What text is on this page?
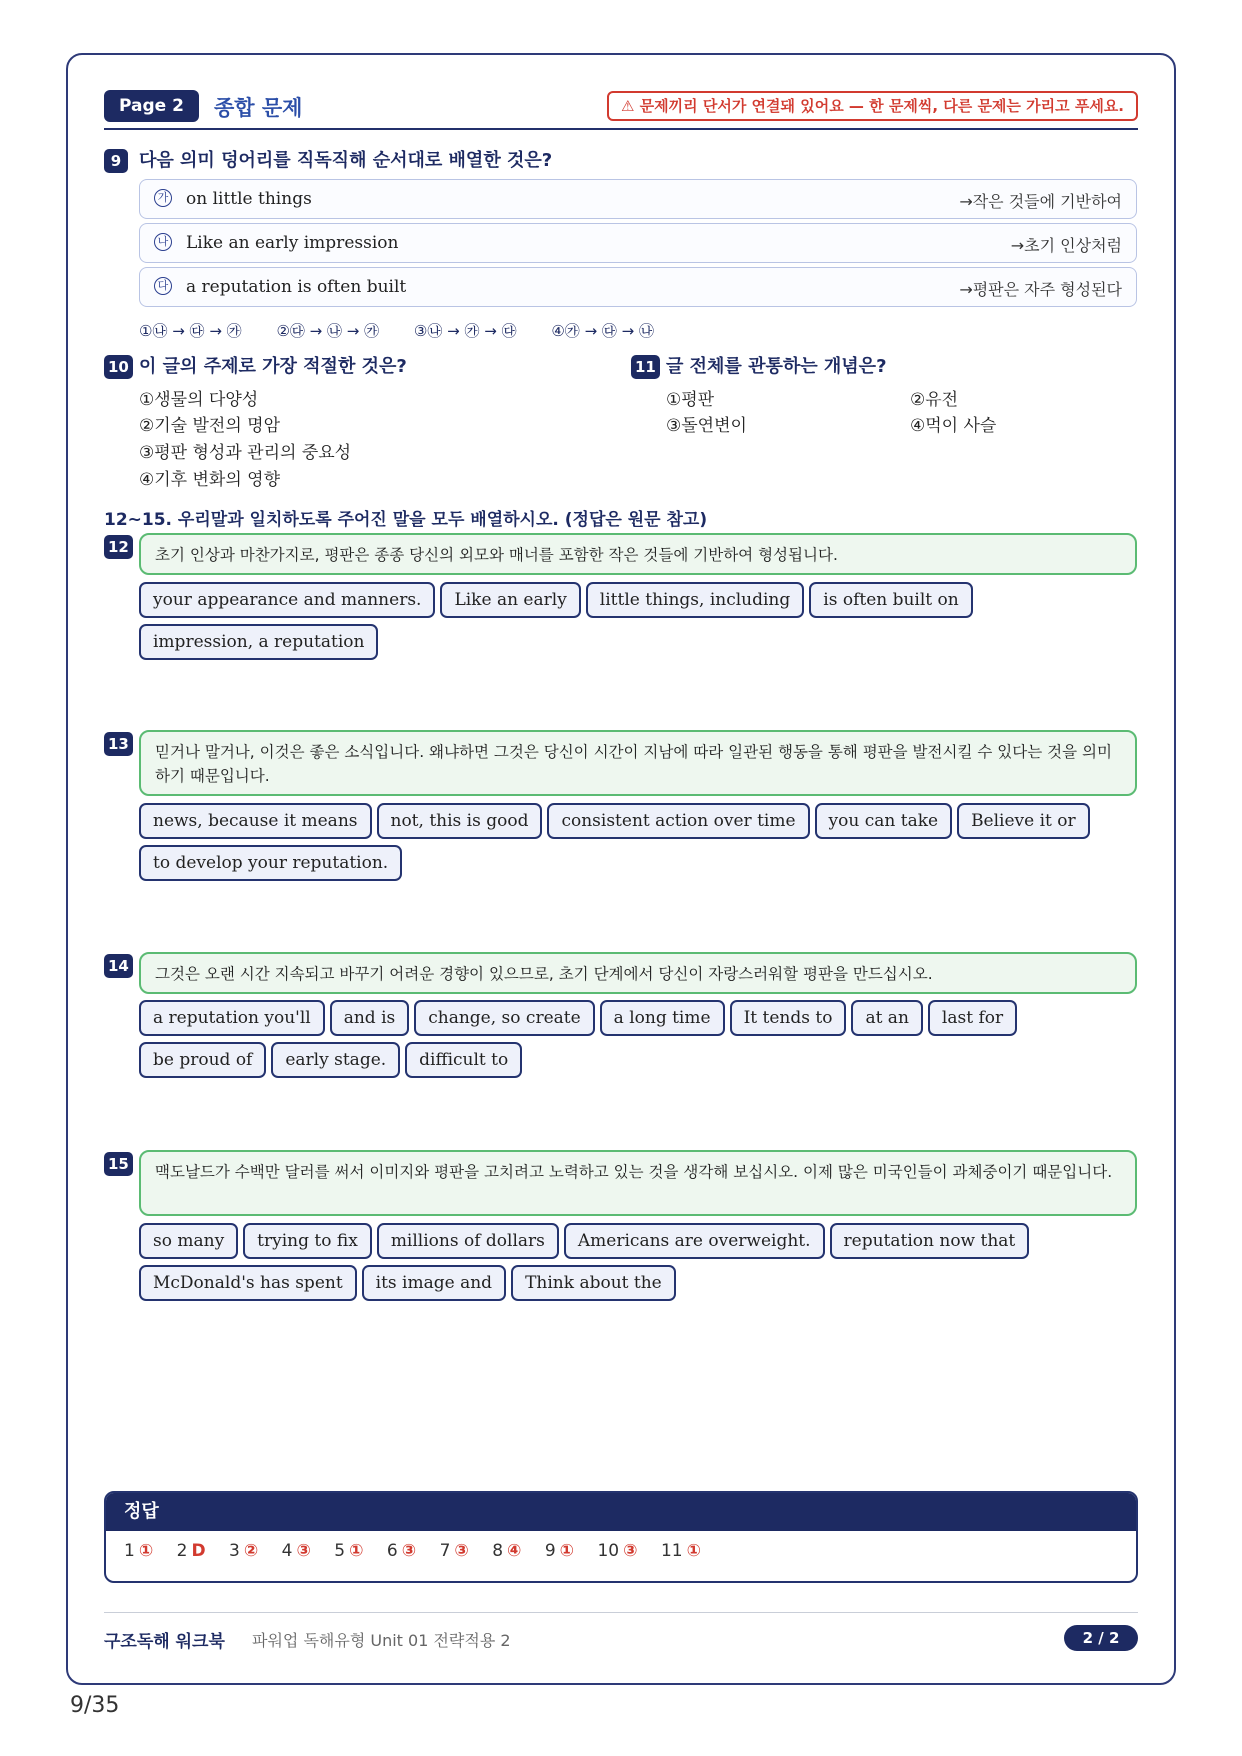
Page 2	종합 문제	⚠ 문제끼리 단서가 연결돼 있어요 — 한 문제씩, 다른 문제는 가리고 푸세요.
9 다음 의미 덩어리를 직독직해 순서대로 배열한 것은?
가 on little things	→작은 것들에 기반하여
나 Like an early impression	→초기 인상처럼
다 a reputation is often built	→평판은 자주 형성된다
①㉯ → ㉰ → ㉮ ②㉰ → ㉯ → ㉮ ③㉯ → ㉮ → ㉰ ④㉮ → ㉰ → ㉯
10 이 글의 주제로 가장 적절한 것은?
①생물의 다양성
②기술 발전의 명암
③평판 형성과 관리의 중요성
④기후 변화의 영향
11 글 전체를 관통하는 개념은?
①평판	②유전
③돌연변이	④먹이 사슬
12~15. 우리말과 일치하도록 주어진 말을 모두 배열하시오. (정답은 원문 참고)
12	초기 인상과 마찬가지로, 평판은 종종 당신의 외모와 매너를 포함한 작은 것들에 기반하여 형성됩니다.
your appearance and manners. Like an early little things, including is often built onimpression, a reputation
13	믿거나 말거나, 이것은 좋은 소식입니다. 왜냐하면 그것은 당신이 시간이 지남에 따라 일관된 행동을 통해 평판을 발전시킬 수 있다는 것을 의미하기 때문입니다.
news, because it means not, this is good consistent action over time you can take Believe it orto develop your reputation.
14	그것은 오랜 시간 지속되고 바꾸기 어려운 경향이 있으므로, 초기 단계에서 당신이 자랑스러워할 평판을 만드십시오.
a reputation you'll and is change, so create a long time It tends to at an last forbe proud of early stage. difficult to
15	맥도날드가 수백만 달러를 써서 이미지와 평판을 고치려고 노력하고 있는 것을 생각해 보십시오. 이제 많은 미국인들이 과체중이기 때문입니다.
so many trying to fix millions of dollars Americans are overweight. reputation now thatMcDonald's has spent its image and Think about the
정답
1 ① 2 D 3 ② 4 ③ 5 ① 6 ③ 7 ③ 8 ④ 9 ① 10 ③ 11 ①
구조독해 워크북 파워업 독해유형 Unit 01 전략적용 2	2 / 2
9/35
